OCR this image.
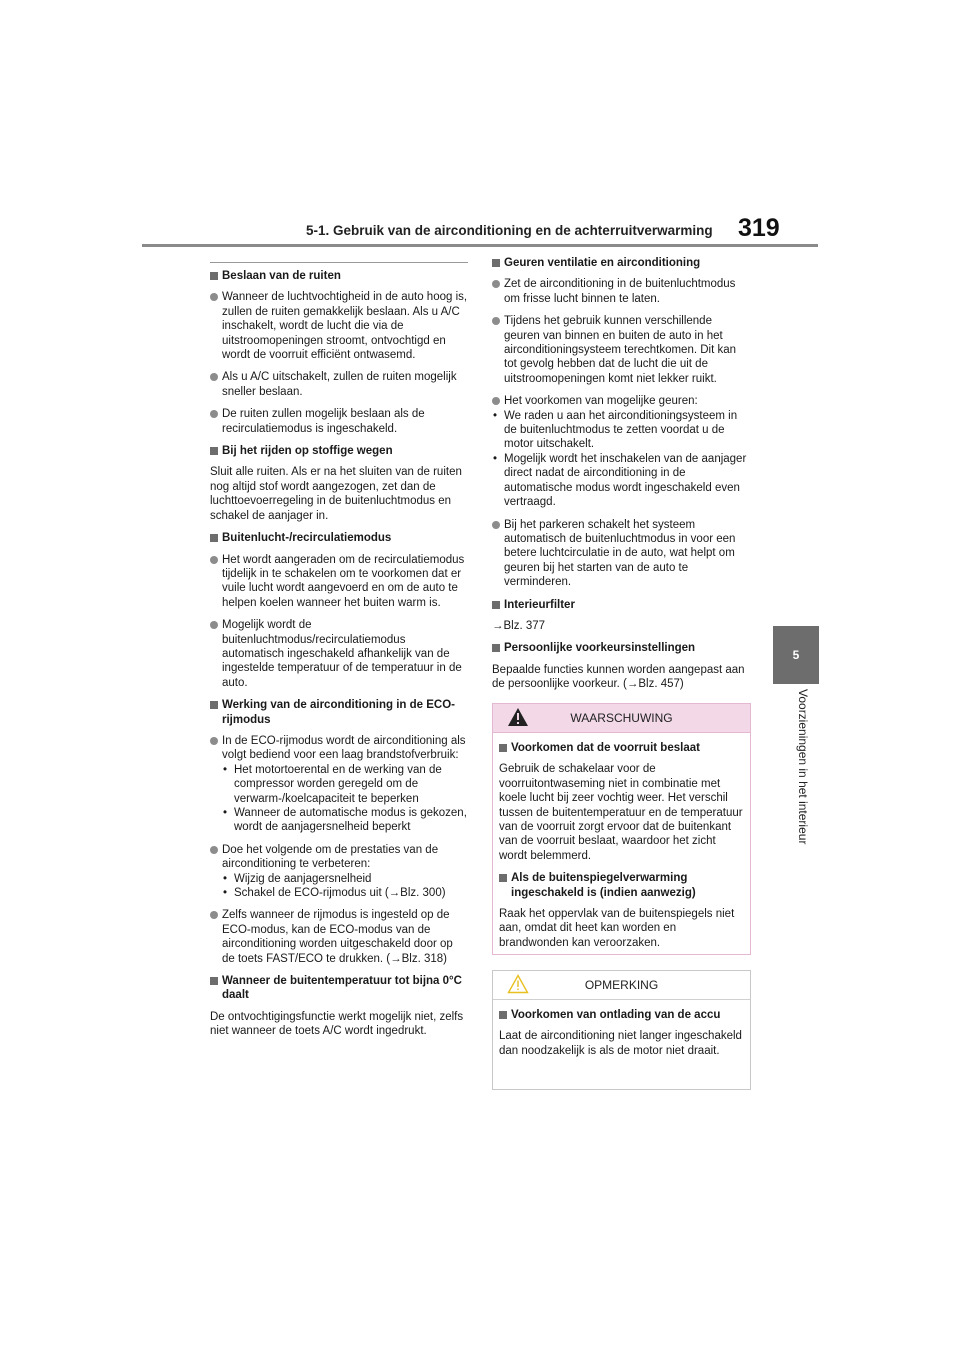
5-1. Gebruik van de airconditioning en de achterruitverwarming 319
5
Voorzieningen in het interieur
Beslaan van de ruiten
Wanneer de luchtvochtigheid in de auto hoog is, zullen de ruiten gemakkelijk beslaan. Als u A/C inschakelt, wordt de lucht die via de uitstroomopeningen stroomt, ontvochtigd en wordt de voorruit efficiënt ontwasemd.
Als u A/C uitschakelt, zullen de ruiten mogelijk sneller beslaan.
De ruiten zullen mogelijk beslaan als de recirculatiemodus is ingeschakeld.
Bij het rijden op stoffige wegen
Sluit alle ruiten. Als er na het sluiten van de ruiten nog altijd stof wordt aangezogen, zet dan de luchttoevoerregeling in de buitenluchtmodus en schakel de aanjager in.
Buitenlucht-/recirculatiemodus
Het wordt aangeraden om de recirculatiemodus tijdelijk in te schakelen om te voorkomen dat er vuile lucht wordt aangevoerd en om de auto te helpen koelen wanneer het buiten warm is.
Mogelijk wordt de buitenluchtmodus/recirculatiemodus automatisch ingeschakeld afhankelijk van de ingestelde temperatuur of de temperatuur in de auto.
Werking van de airconditioning in de ECO-rijmodus
In de ECO-rijmodus wordt de airconditioning als volgt bediend voor een laag brandstofverbruik:
• Het motortoerental en de werking van de compressor worden geregeld om de verwarm-/koelcapaciteit te beperken
• Wanneer de automatische modus is gekozen, wordt de aanjagersnelheid beperkt
Doe het volgende om de prestaties van de airconditioning te verbeteren:
• Wijzig de aanjagersnelheid
• Schakel de ECO-rijmodus uit (→Blz. 300)
Zelfs wanneer de rijmodus is ingesteld op de ECO-modus, kan de ECO-modus van de airconditioning worden uitgeschakeld door op de toets FAST/ECO te drukken. (→Blz. 318)
Wanneer de buitentemperatuur tot bijna 0°C daalt
De ontvochtigingsfunctie werkt mogelijk niet, zelfs niet wanneer de toets A/C wordt ingedrukt.
Geuren ventilatie en airconditioning
Zet de airconditioning in de buitenluchtmodus om frisse lucht binnen te laten.
Tijdens het gebruik kunnen verschillende geuren van binnen en buiten de auto in het airconditioningsysteem terechtkomen. Dit kan tot gevolg hebben dat de lucht die uit de uitstroomopeningen komt niet lekker ruikt.
Het voorkomen van mogelijke geuren:
• We raden u aan het airconditioningsysteem in de buitenluchtmodus te zetten voordat u de motor uitschakelt.
• Mogelijk wordt het inschakelen van de aanjager direct nadat de airconditioning in de automatische modus wordt ingeschakeld even vertraagd.
Bij het parkeren schakelt het systeem automatisch de buitenluchtmodus in voor een betere luchtcirculatie in de auto, wat helpt om geuren bij het starten van de auto te verminderen.
Interieurfilter
→Blz. 377
Persoonlijke voorkeursinstellingen
Bepaalde functies kunnen worden aangepast aan de persoonlijke voorkeur. (→Blz. 457)
WAARSCHUWING
Voorkomen dat de voorruit beslaat
Gebruik de schakelaar voor de voorruitontwaseming niet in combinatie met koele lucht bij zeer vochtig weer. Het verschil tussen de buitentemperatuur en de temperatuur van de voorruit zorgt ervoor dat de buitenkant van de voorruit beslaat, waardoor het zicht wordt belemmerd.
Als de buitenspiegelverwarming ingeschakeld is (indien aanwezig)
Raak het oppervlak van de buitenspiegels niet aan, omdat dit heet kan worden en brandwonden kan veroorzaken.
OPMERKING
Voorkomen van ontlading van de accu
Laat de airconditioning niet langer ingeschakeld dan noodzakelijk is als de motor niet draait.
